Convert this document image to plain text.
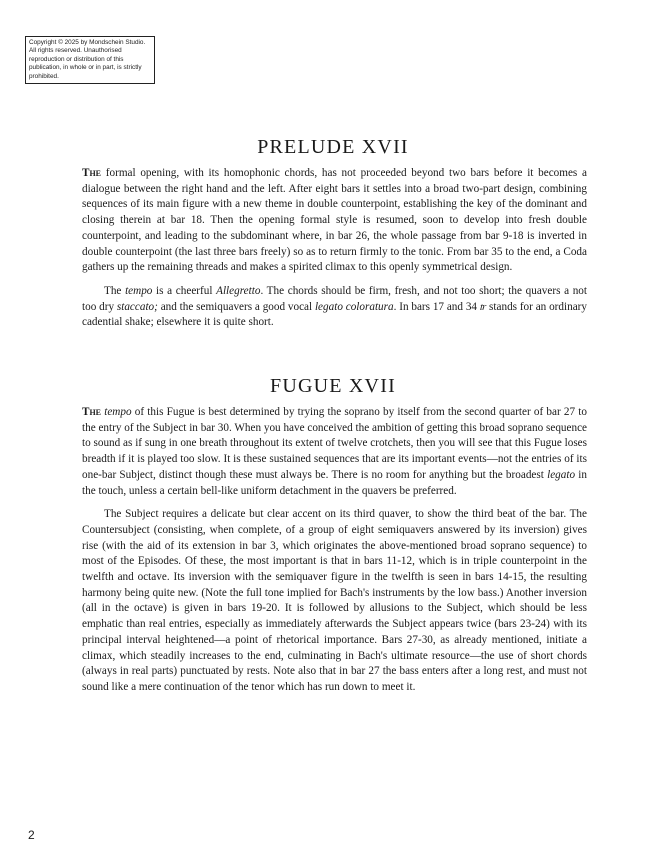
Copyright © 2025 by Mondschein Studio. All rights reserved. Unauthorised reproduction or distribution of this publication, in whole or in part, is strictly prohibited.
PRELUDE XVII

The formal opening, with its homophonic chords, has not proceeded beyond two bars before it becomes a dialogue between the right hand and the left. After eight bars it settles into a broad two-part design, combining sequences of its main figure with a new theme in double counterpoint, establishing the key of the dominant and closing therein at bar 18. Then the opening formal style is resumed, soon to develop into fresh double counterpoint, and leading to the subdominant where, in bar 26, the whole passage from bar 9-18 is inverted in double counterpoint (the last three bars freely) so as to return firmly to the tonic. From bar 35 to the end, a Coda gathers up the remaining threads and makes a spirited climax to this openly symmetrical design.

The tempo is a cheerful Allegretto. The chords should be firm, fresh, and not too short; the quavers a not too dry staccato; and the semiquavers a good vocal legato coloratura. In bars 17 and 34 𝆖 stands for an ordinary cadential shake; elsewhere it is quite short.

FUGUE XVII

The tempo of this Fugue is best determined by trying the soprano by itself from the second quarter of bar 27 to the entry of the Subject in bar 30. When you have conceived the ambition of getting this broad soprano sequence to sound as if sung in one breath throughout its extent of twelve crotchets, then you will see that this Fugue loses breadth if it is played too slow. It is these sustained sequences that are its important events—not the entries of its one-bar Subject, distinct though these must always be. There is no room for anything but the broadest legato in the touch, unless a certain bell-like uniform detachment in the quavers be preferred.

The Subject requires a delicate but clear accent on its third quaver, to show the third beat of the bar. The Countersubject (consisting, when complete, of a group of eight semiquavers answered by its inversion) gives rise (with the aid of its extension in bar 3, which originates the above-mentioned broad soprano sequence) to most of the Episodes. Of these, the most important is that in bars 11-12, which is in triple counterpoint in the twelfth and octave. Its inversion with the semiquaver figure in the twelfth is seen in bars 14-15, the resulting harmony being quite new. (Note the full tone implied for Bach's instruments by the low bass.) Another inversion (all in the octave) is given in bars 19-20. It is followed by allusions to the Subject, which should be less emphatic than real entries, especially as immediately afterwards the Subject appears twice (bars 23-24) with its principal interval heightened—a point of rhetorical importance. Bars 27-30, as already mentioned, initiate a climax, which steadily increases to the end, culminating in Bach's ultimate resource—the use of short chords (always in real parts) punctuated by rests. Note also that in bar 27 the bass enters after a long rest, and must not sound like a mere continuation of the tenor which has run down to meet it.

2
